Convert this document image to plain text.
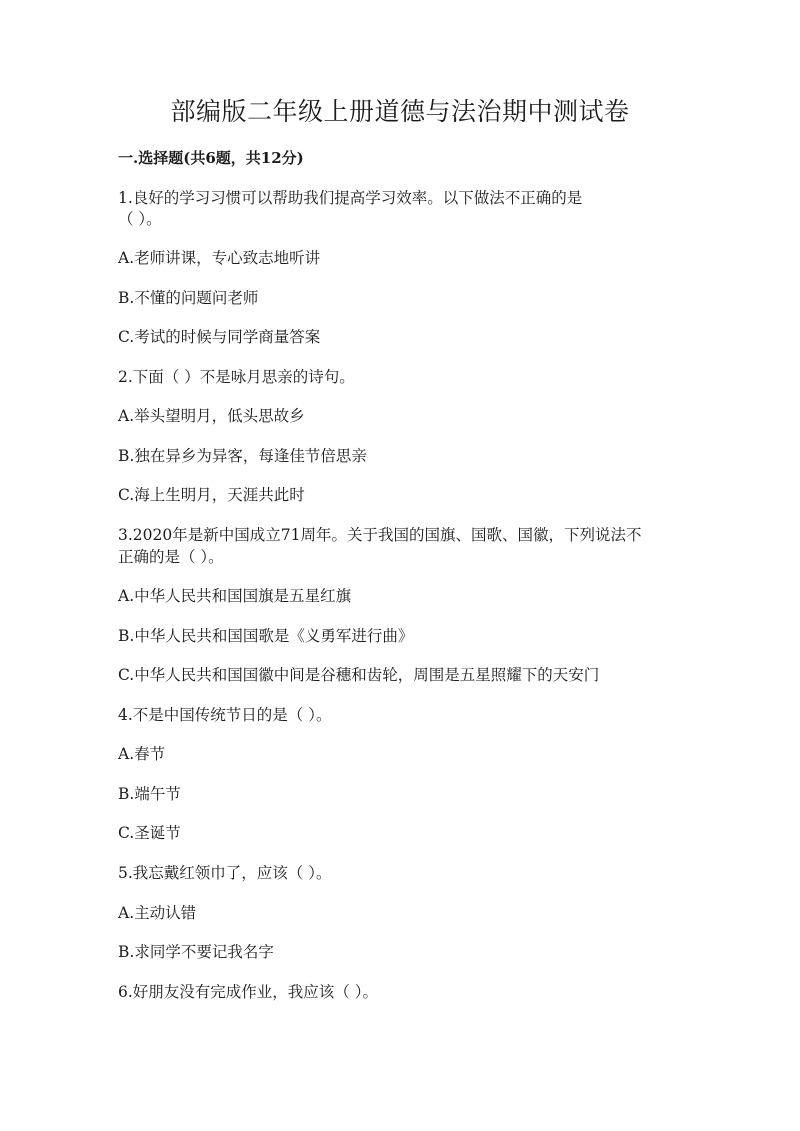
部编版二年级上册道德与法治期中测试卷
一.选择题(共6题，共12分)
1.良好的学习习惯可以帮助我们提高学习效率。以下做法不正确的是
（ ）。
A.老师讲课，专心致志地听讲
B.不懂的问题问老师
C.考试的时候与同学商量答案
2.下面（ ）不是咏月思亲的诗句。
A.举头望明月，低头思故乡
B.独在异乡为异客，每逢佳节倍思亲
C.海上生明月，天涯共此时
3.2020年是新中国成立71周年。关于我国的国旗、国歌、国徽，下列说法不
正确的是（ ）。
A.中华人民共和国国旗是五星红旗
B.中华人民共和国国歌是《义勇军进行曲》
C.中华人民共和国国徽中间是谷穗和齿轮，周围是五星照耀下的天安门
4.不是中国传统节日的是（ ）。
A.春节
B.端午节
C.圣诞节
5.我忘戴红领巾了，应该（ ）。
A.主动认错
B.求同学不要记我名字
6.好朋友没有完成作业，我应该（ ）。
